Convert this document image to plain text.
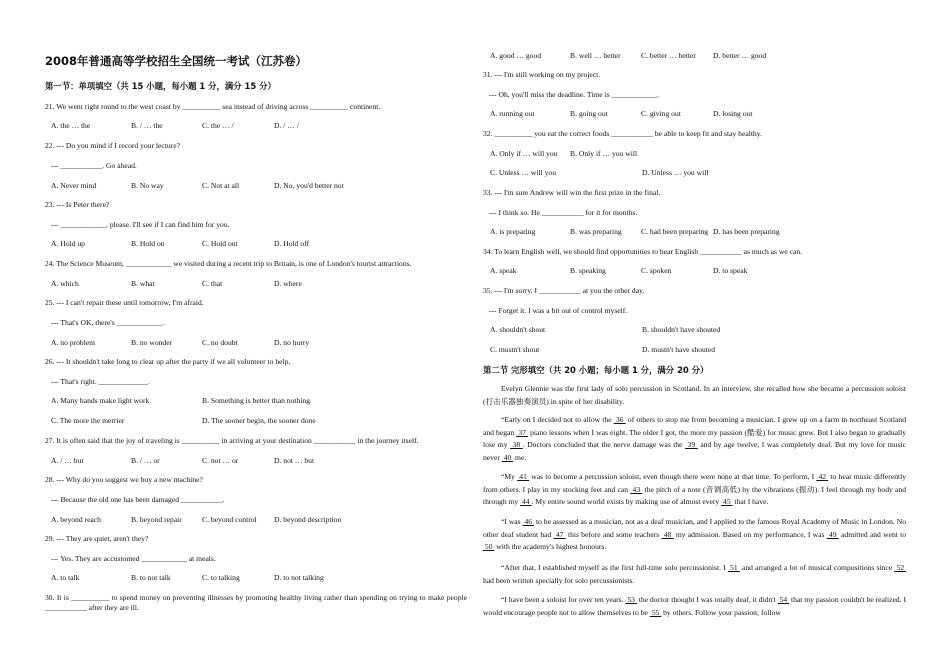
2008年普通高等学校招生全国统一考试（江苏卷）
第一节：单项填空（共 15 小题，每小题 1 分，满分 15 分）
21. We went right round to the west coast by __________ sea instead of driving across __________ continent.
A. the … the	B. / … the	C. the … /	D. / … /
22. --- Do you mind if I record your lecture?
--- ___________. Go ahead.
A. Never mind	B. No way	C. Not at all	D. No, you'd better not
23. --- Is Peter there?
--- ____________, please. I'll see if I can find him for you.
A. Hold up	B. Hold on	C. Hold out	D. Hold off
24. The Science Museum, ____________ we visited during a recent trip to Britain, is one of London's tourist attractions.
A. which	B. what	C. that	D. where
25. --- I can't repair these until tomorrow, I'm afraid.
--- That's OK, there's ____________.
A. no problem	B. no wonder	C. no doubt	D. no hurry
26. --- It shouldn't take long to clear up after the party if we all volunteer to help.
--- That's right. _____________.
A. Many hands make light work	B. Something is better than nothing
C. The more the merrier	D. The sooner begin, the sooner done
27. It is often said that the joy of traveling is __________ in arriving at your destination ___________ in the journey itself.
A. / … but	B. / … or	C. not … or	D. not … but
28. --- Why do you suggest we buy a new machine?
--- Because the old one has been damaged ___________.
A. beyond reach	B. beyond repair	C. beyond control D. beyond description
29. --- They are quiet, aren't they?
--- Yes. They are accustomed ____________ at meals.
A. to talk	B. to not talk	C. to talking	D. to not talking
30. It is __________ to spend money on preventing illnesses by promoting healthy living rather than spending on trying to make people ___________ after they are ill.
A. good … good	B. well … better	C. better … better D. better … good
31. --- I'm still working on my project.
--- Oh, you'll miss the deadline. Time is ____________.
A. running out	B. going out	C. giving out	D. losing out
32. __________ you eat the correct foods ___________ be able to keep fit and stay healthy.
A. Only if … will you B. Only if … you will
C. Unless … will you	D. Unless … you will
33. --- I'm sure Andrew will win the first prize in the final.
--- I think so. He ___________ for it for months.
A. is preparing	B. was preparing	C. had been preparing D. has been preparing
34. To learn English well, we should find opportunities to hear English ___________ as much as we can.
A. speak	B. speaking	C. spoken	D. to speak
35. --- I'm sorry. I ___________ at you the other day.
--- Forget it. I was a bit out of control myself.
A. shouldn't shout	B. shouldn't have shouted
C. mustn't shout	D. mustn't have shouted
第二节 完形填空（共 20 小题；每小题 1 分，满分 20 分）
Evelyn Glennie was the first lady of solo percussion in Scotland. In an interview, she recalled how she became a percussion soloist (打击乐器独奏演员) in spite of her disability.
“Early on I decided not to allow the  36  of others to stop me from becoming a musician. I grew up on a farm in northeast Scotland and began  37  piano lessons when I was eight. The older I got, the more my passion (酷爱) for music grew. But I also began to gradually lose my  38 . Doctors concluded that the nerve damage was the  39  and by age twelve, I was completely deaf. But my love for music never  40  me.
“My  41  was to become a percussion soloist, even though there were none at that time. To perform, I  42  to hear music differently from others. I play in my stocking feet and can  43  the pitch of a note (音调高低) by the vibrations (振动). I feel through my body and through my  44 . My entire sound world exists by making use of almost every  45  that I have.
“I was  46  to be assessed as a musician, not as a deaf musician, and I applied to the famous Royal Academy of Music in London. No other deaf student had  47  this before and some teachers  48  my admission. Based on my performance, I was  49  admitted and went to  50  with the academy's highest honours.
“After that, I established myself as the first full-time solo percussionist. I  51  and arranged a lot of musical compositions since  52  had been written specially for solo percussionists.
“I have been a soloist for over ten years.  53  the doctor thought I was totally deaf, it didn't  54  that my passion couldn't be realized. I would encourage people not to allow themselves to be  55  by others. Follow your passion; follow
